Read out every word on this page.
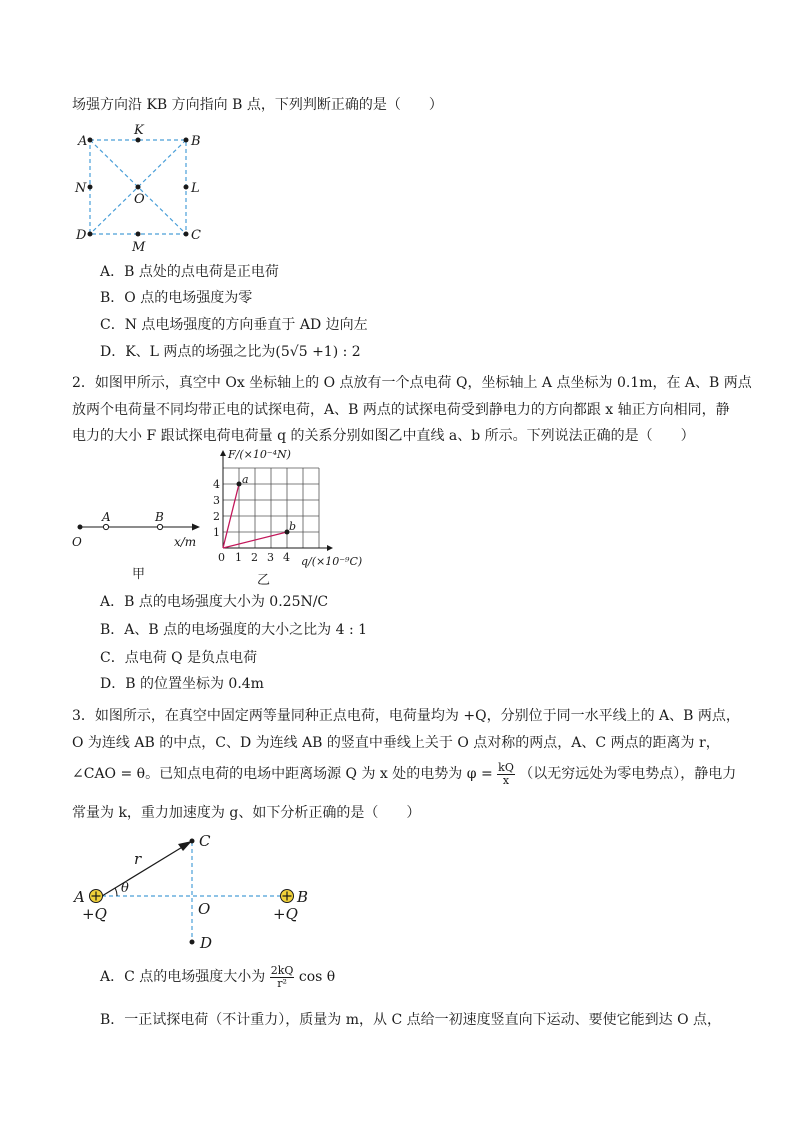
场强方向沿 KB 方向指向 B 点，下列判断正确的是（　　）
A
K
B
N
O
L
D
M
C
A．B 点处的点电荷是正电荷
B．O 点的电场强度为零
C．N 点电场强度的方向垂直于 AD 边向左
D．K、L 两点的场强之比为(5√5 +1) : 2
2．如图甲所示，真空中 Ox 坐标轴上的 O 点放有一个点电荷 Q，坐标轴上 A 点坐标为 0.1m，在 A、B 两点
放两个电荷量不同均带正电的试探电荷，A、B 两点的试探电荷受到静电力的方向都跟 x 轴正方向相同，静
电力的大小 F 跟试探电荷电荷量 q 的关系分别如图乙中直线 a、b 所示。下列说法正确的是（　　）
A	B
O	x/m
甲
F/(×10⁻⁴N)
q/(×10⁻⁹C)
1
2
3
4
0 1 2 3 4
a
b
乙
A．B 点的电场强度大小为 0.25N/C
B．A、B 点的电场强度的大小之比为 4 : 1
C．点电荷 Q 是负点电荷
D．B 的位置坐标为 0.4m
3．如图所示，在真空中固定两等量同种正点电荷，电荷量均为 +Q，分别位于同一水平线上的 A、B 两点，
O 为连线 AB 的中点，C、D 为连线 AB 的竖直中垂线上关于 O 点对称的两点，A、C 两点的距离为 r，
∠CAO = θ。已知点电荷的电场中距离场源 Q 为 x 处的电势为 $\varphi = \frac{kQ}{x}$ （以无穷远处为零电势点），静电力
常量为 k，重力加速度为 g、如下分析正确的是（　　）
C
r
θ
A	B
O
D
+Q	+Q
A．C 点的电场强度大小为 $\frac{2kQ}{\text{r²}}$ cos θ
B．一正试探电荷（不计重力），质量为 m，从 C 点给一初速度竖直向下运动、要使它能到达 O 点，
